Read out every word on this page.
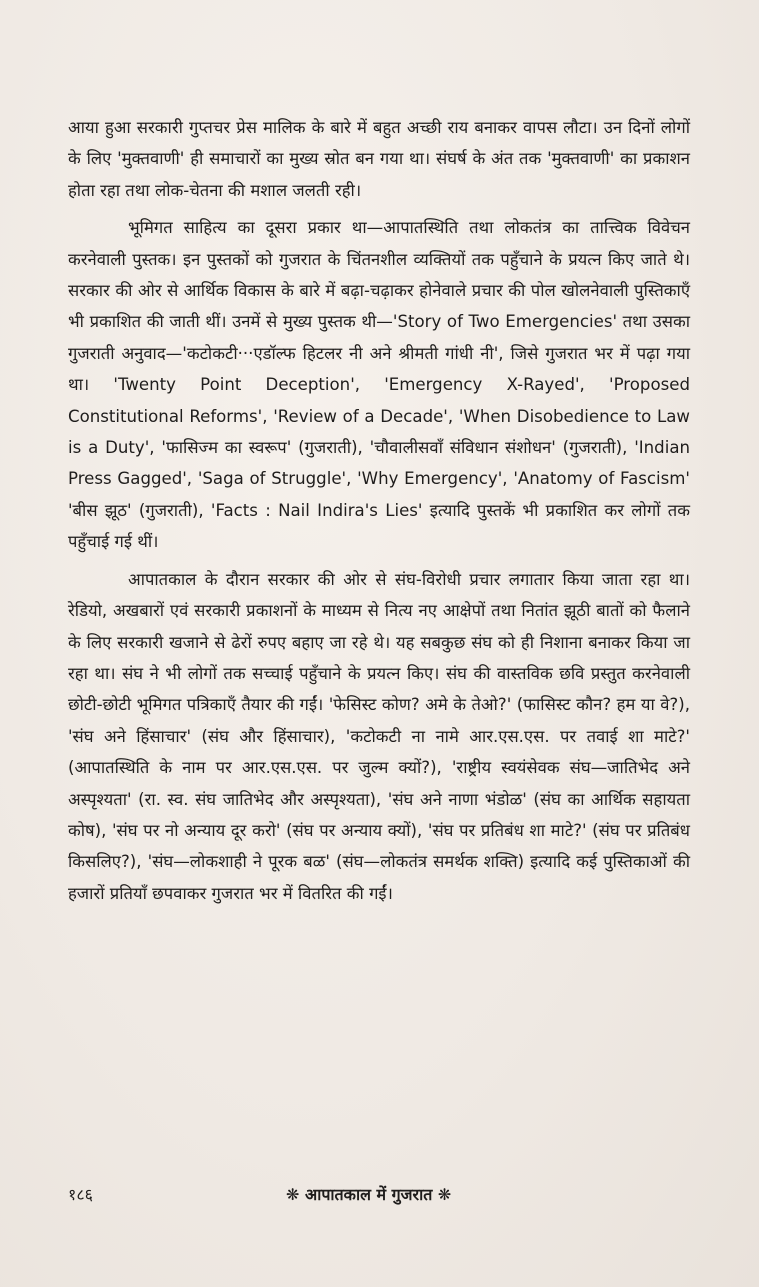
आया हुआ सरकारी गुप्तचर प्रेस मालिक के बारे में बहुत अच्छी राय बनाकर वापस लौटा। उन दिनों लोगों के लिए 'मुक्तवाणी' ही समाचारों का मुख्य स्रोत बन गया था। संघर्ष के अंत तक 'मुक्तवाणी' का प्रकाशन होता रहा तथा लोक-चेतना की मशाल जलती रही।

भूमिगत साहित्य का दूसरा प्रकार था—आपातस्थिति तथा लोकतंत्र का तात्त्विक विवेचन करनेवाली पुस्तक। इन पुस्तकों को गुजरात के चिंतनशील व्यक्तियों तक पहुँचाने के प्रयत्न किए जाते थे। सरकार की ओर से आर्थिक विकास के बारे में बढ़ा-चढ़ाकर होनेवाले प्रचार की पोल खोलनेवाली पुस्तिकाएँ भी प्रकाशित की जाती थीं। उनमें से मुख्य पुस्तक थी—'Story of Two Emergencies' तथा उसका गुजराती अनुवाद—'कटोकटी···एडॉल्फ हिटलर नी अने श्रीमती गांधी नी', जिसे गुजरात भर में पढ़ा गया था। 'Twenty Point Deception', 'Emergency X-Rayed', 'Proposed Constitutional Reforms', 'Review of a Decade', 'When Disobedience to Law is a Duty', 'फासिज्म का स्वरूप' (गुजराती), 'चौवालीसवाँ संविधान संशोधन' (गुजराती), 'Indian Press Gagged', 'Saga of Struggle', 'Why Emergency', 'Anatomy of Fascism' 'बीस झूठ' (गुजराती), 'Facts : Nail Indira's Lies' इत्यादि पुस्तकें भी प्रकाशित कर लोगों तक पहुँचाई गई थीं।

आपातकाल के दौरान सरकार की ओर से संघ-विरोधी प्रचार लगातार किया जाता रहा था। रेडियो, अखबारों एवं सरकारी प्रकाशनों के माध्यम से नित्य नए आक्षेपों तथा नितांत झूठी बातों को फैलाने के लिए सरकारी खजाने से ढेरों रुपए बहाए जा रहे थे। यह सबकुछ संघ को ही निशाना बनाकर किया जा रहा था। संघ ने भी लोगों तक सच्चाई पहुँचाने के प्रयत्न किए। संघ की वास्तविक छवि प्रस्तुत करनेवाली छोटी-छोटी भूमिगत पत्रिकाएँ तैयार की गईं। 'फेसिस्ट कोण? अमे के तेओ?' (फासिस्ट कौन? हम या वे?), 'संघ अने हिंसाचार' (संघ और हिंसाचार), 'कटोकटी ना नामे आर.एस.एस. पर तवाई शा माटे?' (आपातस्थिति के नाम पर आर.एस.एस. पर जुल्म क्यों?), 'राष्ट्रीय स्वयंसेवक संघ—जातिभेद अने अस्पृश्यता' (रा. स्व. संघ जातिभेद और अस्पृश्यता), 'संघ अने नाणा भंडोळ' (संघ का आर्थिक सहायता कोष), 'संघ पर नो अन्याय दूर करो' (संघ पर अन्याय क्यों), 'संघ पर प्रतिबंध शा माटे?' (संघ पर प्रतिबंध किसलिए?), 'संघ—लोकशाही ने पूरक बळ' (संघ—लोकतंत्र समर्थक शक्ति) इत्यादि कई पुस्तिकाओं की हजारों प्रतियाँ छपवाकर गुजरात भर में वितरित की गईं।

१८६	❋ आपातकाल में गुजरात ❋
